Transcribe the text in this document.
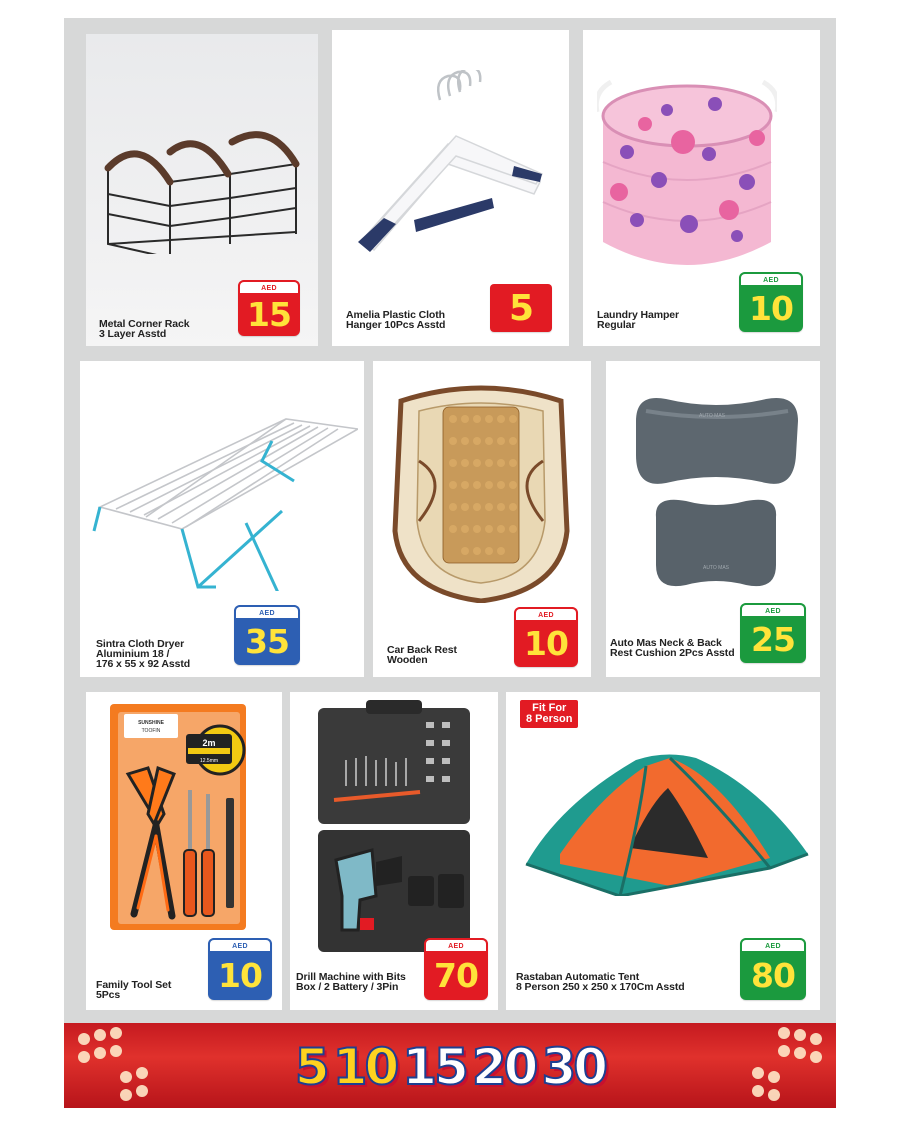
Metal Corner Rack
3 Layer Asstd
AED
15	Amelia Plastic Cloth
Hanger 10Pcs Asstd	5	Laundry Hamper
Regular
AED
10
Sintra Cloth Dryer
Aluminium 18 /
176 x 55 x 92 Asstd
AED
35	Car Back Rest
Wooden
AED
10
AUTO MAS
AUTO MAS
Auto Mas Neck & Back
Rest Cushion 2Pcs Asstd
AED
25
SUNSHINE
TOOFIN
2m
12.5mm
Family Tool Set
5Pcs
AED
10	Drill Machine with Bits
Box / 2 Battery / 3Pin
AED
70
Fit For
8 Person
Rastaban Automatic Tent
8 Person 250 x 250 x 170Cm Asstd
AED
80
5 10 15 20 30
